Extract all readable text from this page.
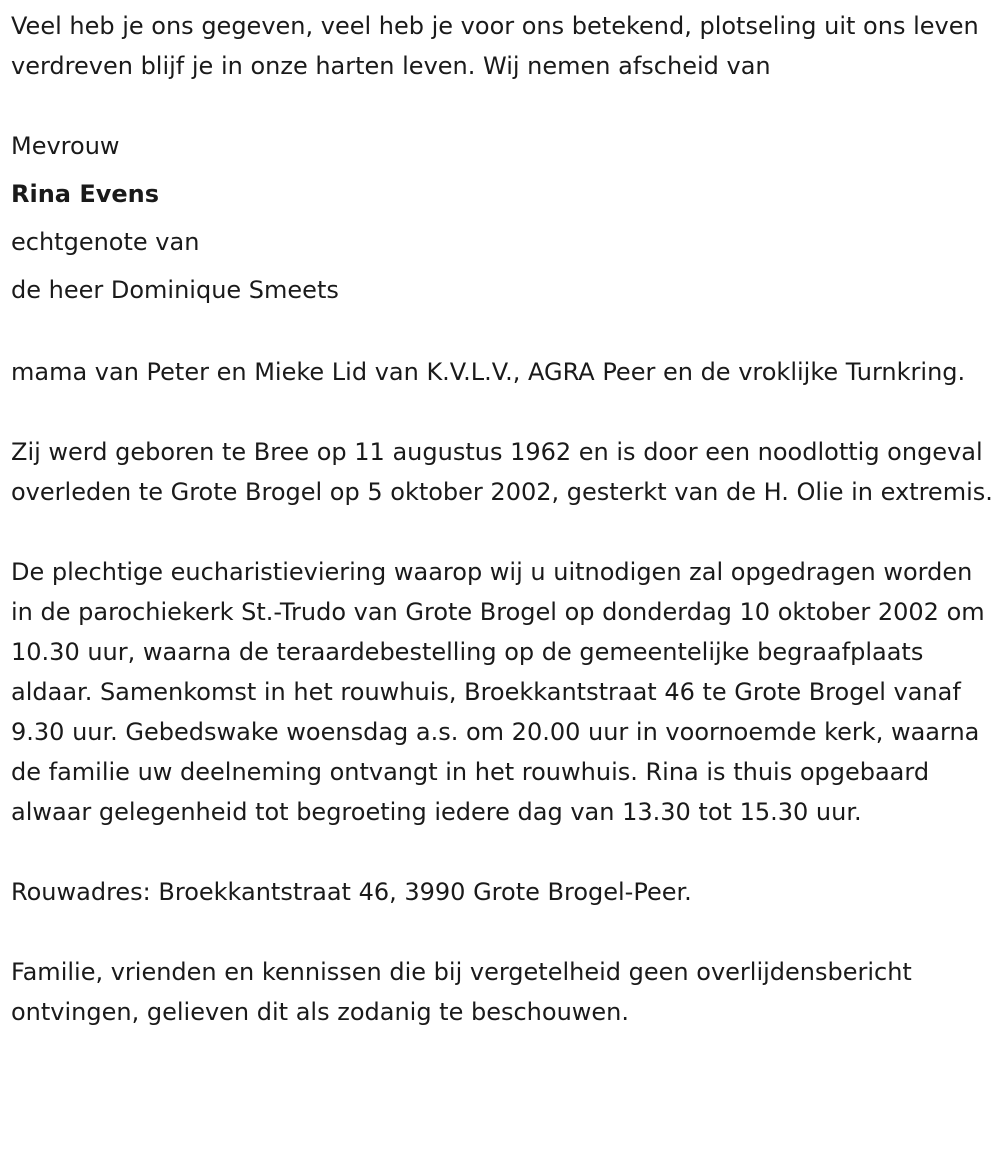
Veel heb je ons gegeven, veel heb je voor ons betekend, plotseling uit ons leven verdreven blijf je in onze harten leven. Wij nemen afscheid van

Mevrouw
Rina Evens
echtgenote van
de heer Dominique Smeets

mama van Peter en Mieke Lid van K.V.L.V., AGRA Peer en de vroklijke Turnkring.

Zij werd geboren te Bree op 11 augustus 1962 en is door een noodlottig ongeval overleden te Grote Brogel op 5 oktober 2002, gesterkt van de H. Olie in extremis.

De plechtige eucharistieviering waarop wij u uitnodigen zal opgedragen worden in de parochiekerk St.-Trudo van Grote Brogel op donderdag 10 oktober 2002 om 10.30 uur, waarna de teraardebestelling op de gemeentelijke begraafplaats aldaar. Samenkomst in het rouwhuis, Broekkantstraat 46 te Grote Brogel vanaf 9.30 uur. Gebedswake woensdag a.s. om 20.00 uur in voornoemde kerk, waarna de familie uw deelneming ontvangt in het rouwhuis. Rina is thuis opgebaard alwaar gelegenheid tot begroeting iedere dag van 13.30 tot 15.30 uur.

Rouwadres: Broekkantstraat 46, 3990 Grote Brogel-Peer.

Familie, vrienden en kennissen die bij vergetelheid geen overlijdensbericht ontvingen, gelieven dit als zodanig te beschouwen.
